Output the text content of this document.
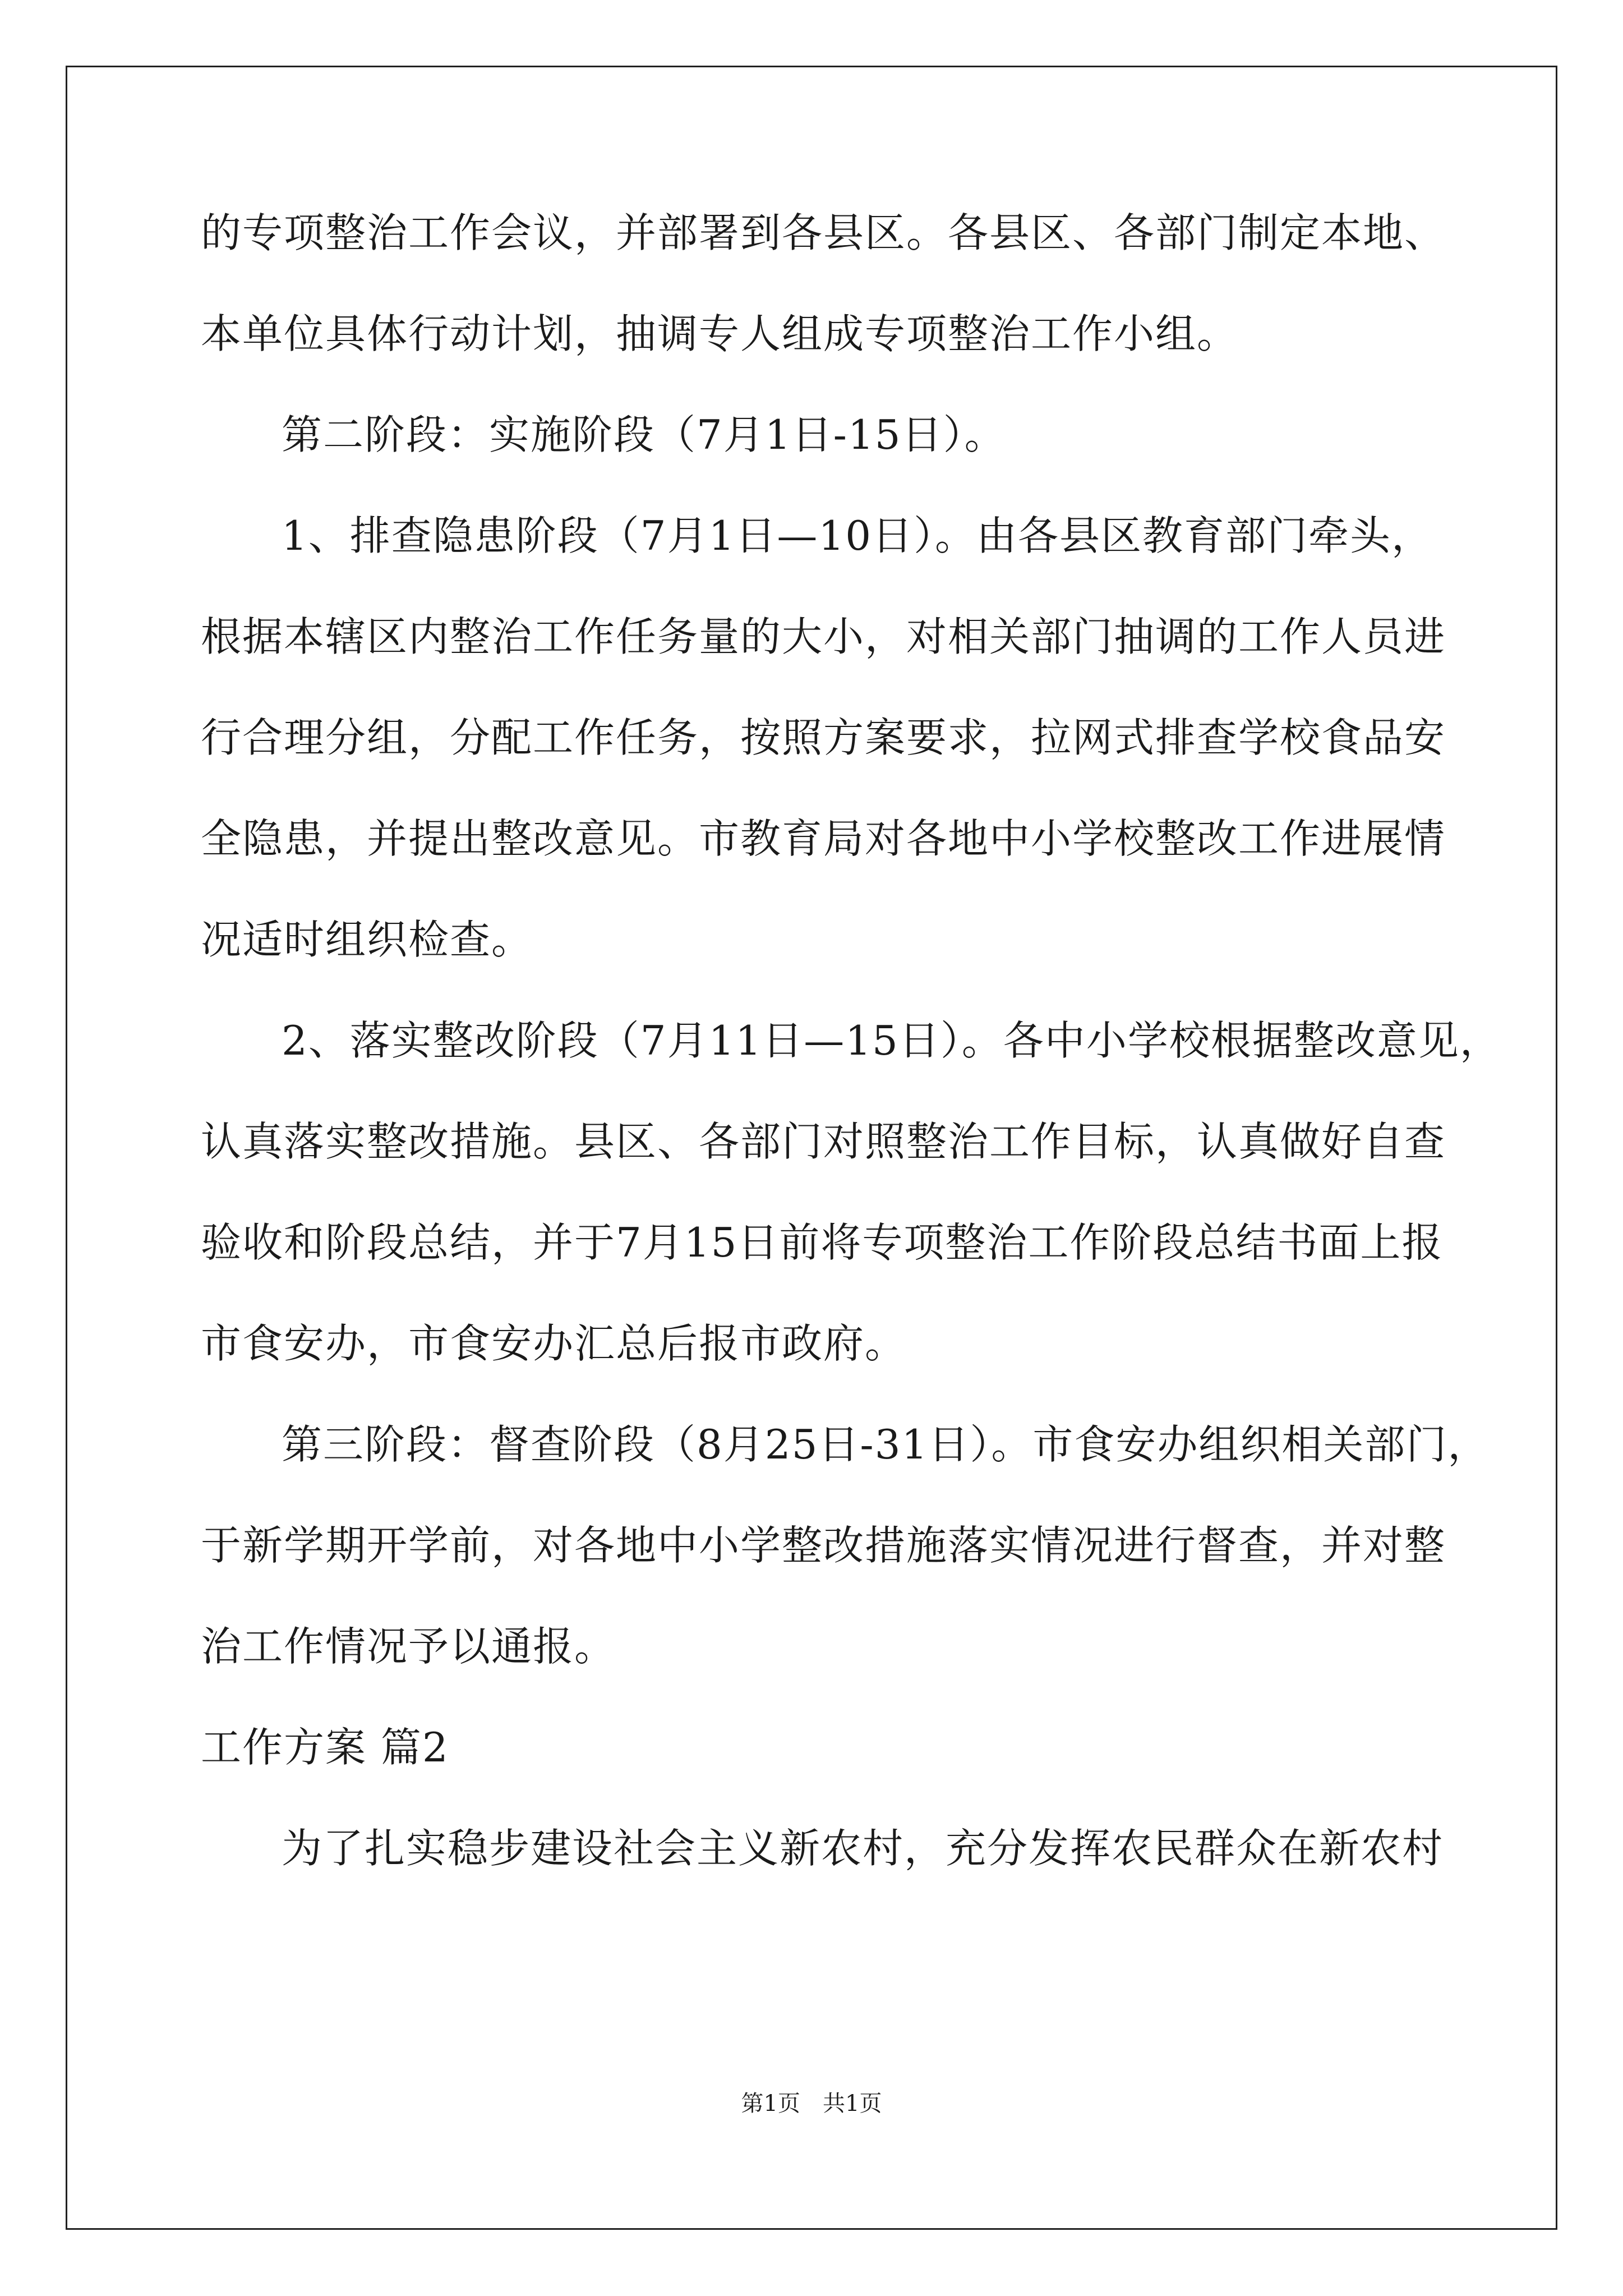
的专项整治工作会议，并部署到各县区。各县区、各部门制定本地、

本单位具体行动计划，抽调专人组成专项整治工作小组。

第二阶段：实施阶段（7月1日-15日）。

1、排查隐患阶段（7月1日—10日）。由各县区教育部门牵头，

根据本辖区内整治工作任务量的大小，对相关部门抽调的工作人员进

行合理分组，分配工作任务，按照方案要求，拉网式排查学校食品安

全隐患，并提出整改意见。市教育局对各地中小学校整改工作进展情

况适时组织检查。

2、落实整改阶段（7月11日—15日）。各中小学校根据整改意见，

认真落实整改措施。县区、各部门对照整治工作目标，认真做好自查

验收和阶段总结，并于7月15日前将专项整治工作阶段总结书面上报

市食安办，市食安办汇总后报市政府。

第三阶段：督查阶段（8月25日-31日）。市食安办组织相关部门，

于新学期开学前，对各地中小学整改措施落实情况进行督查，并对整

治工作情况予以通报。

工作方案 篇2

为了扎实稳步建设社会主义新农村，充分发挥农民群众在新农村

第1页　共1页
